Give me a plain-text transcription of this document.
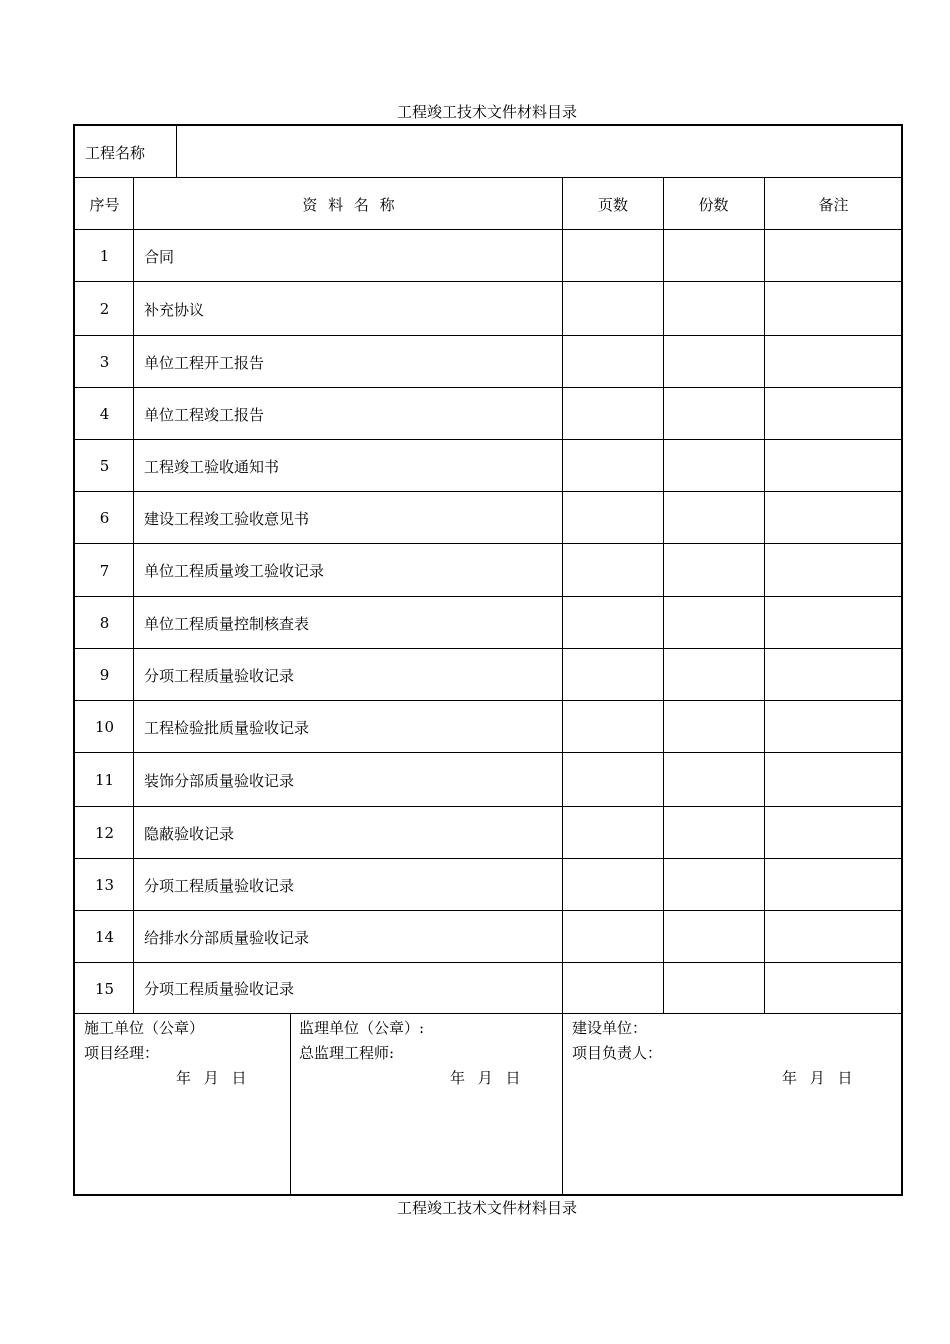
工程竣工技术文件材料目录
工程名称
序号	资 料 名 称	页数	份数	备注
1	合同
2	补充协议
3	单位工程开工报告
4	单位工程竣工报告
5	工程竣工验收通知书
6	建设工程竣工验收意见书
7	单位工程质量竣工验收记录
8	单位工程质量控制核查表
9	分项工程质量验收记录
10	工程检验批质量验收记录
11	装饰分部质量验收记录
12	隐蔽验收记录
13	分项工程质量验收记录
14	给排水分部质量验收记录
15	分项工程质量验收记录
施工单位（公章）
项目经理：
年 月 日
监理单位（公章）:
总监理工程师:
年 月 日
建设单位：
项目负责人：
年 月 日
工程竣工技术文件材料目录
